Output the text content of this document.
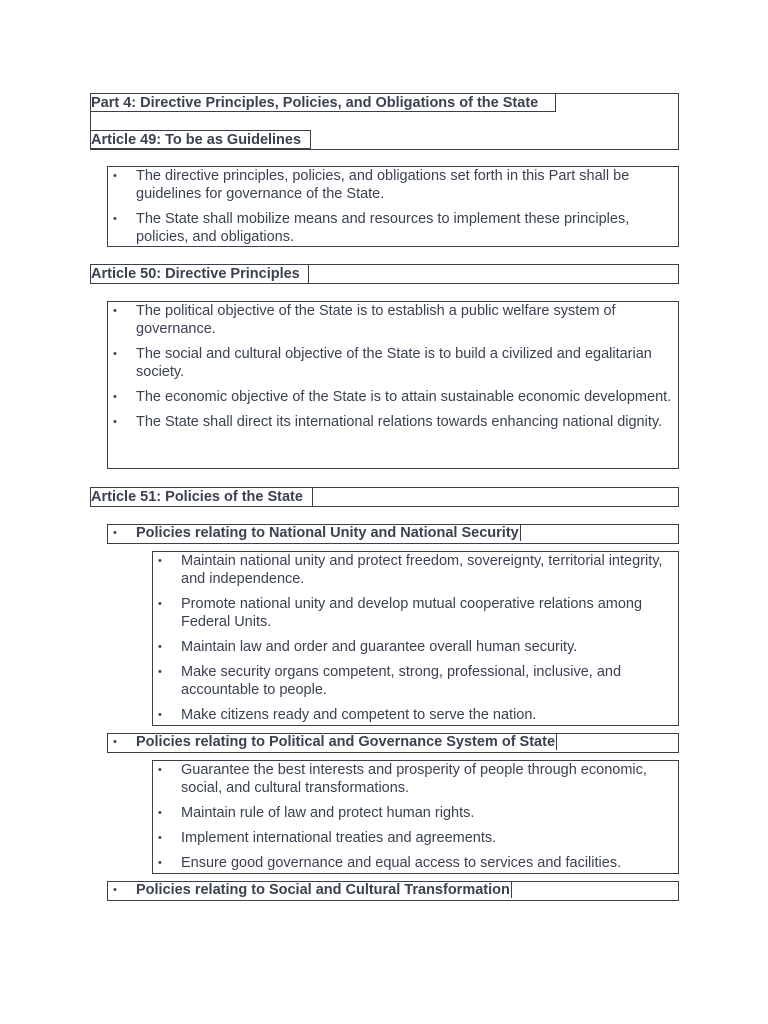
Part 4: Directive Principles, Policies, and Obligations of the State
Article 49: To be as Guidelines
• The directive principles, policies, and obligations set forth in this Part shall be guidelines for governance of the State.
• The State shall mobilize means and resources to implement these principles, policies, and obligations.
Article 50: Directive Principles
• The political objective of the State is to establish a public welfare system of governance.
• The social and cultural objective of the State is to build a civilized and egalitarian society.
• The economic objective of the State is to attain sustainable economic development.
• The State shall direct its international relations towards enhancing national dignity.
Article 51: Policies of the State
• Policies relating to National Unity and National Security
• Maintain national unity and protect freedom, sovereignty, territorial integrity, and independence.
• Promote national unity and develop mutual cooperative relations among Federal Units.
• Maintain law and order and guarantee overall human security.
• Make security organs competent, strong, professional, inclusive, and accountable to people.
• Make citizens ready and competent to serve the nation.
• Policies relating to Political and Governance System of State
• Guarantee the best interests and prosperity of people through economic, social, and cultural transformations.
• Maintain rule of law and protect human rights.
• Implement international treaties and agreements.
• Ensure good governance and equal access to services and facilities.
• Policies relating to Social and Cultural Transformation
